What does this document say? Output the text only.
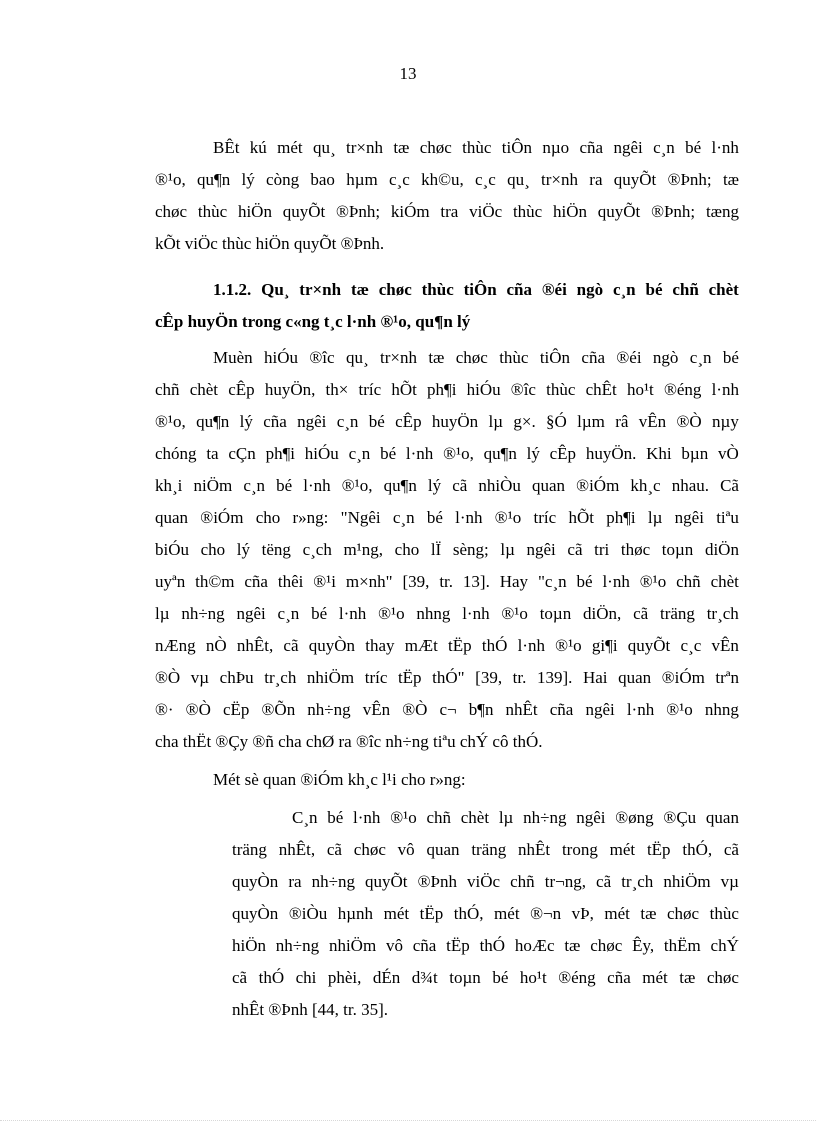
13
BÊt kú mét qu¸ tr×nh tæ chøc thùc tiÔn nµo cña ngêi c¸n bé l·nh
®¹o, qu¶n lý còng bao hµm c¸c kh©u, c¸c qu¸ tr×nh ra quyÕt ®Þnh; tæ
chøc thùc hiÖn quyÕt ®Þnh; kiÓm tra viÖc thùc hiÖn quyÕt ®Þnh; tæng
kÕt viÖc thùc hiÖn quyÕt ®Þnh.
1.1.2. Qu¸ tr×nh tæ chøc thùc tiÔn cña ®éi ngò c¸n bé chñ chèt
cÊp huyÖn trong c«ng t¸c l·nh ®¹o, qu¶n lý
Muèn hiÓu ®îc qu¸ tr×nh tæ chøc thùc tiÔn cña ®éi ngò c¸n bé
chñ chèt cÊp huyÖn, th× tríc hÕt ph¶i hiÓu ®îc thùc chÊt ho¹t ®éng l·nh
®¹o, qu¶n lý cña ngêi c¸n bé cÊp huyÖn lµ g×. §Ó lµm râ vÊn ®Ò nµy
chóng ta cÇn ph¶i hiÓu c¸n bé l·nh ®¹o, qu¶n lý cÊp huyÖn. Khi bµn vÒ
kh¸i niÖm c¸n bé l·nh ®¹o, qu¶n lý cã nhiÒu quan ®iÓm kh¸c nhau. Cã
quan ®iÓm cho r»ng: "Ngêi c¸n bé l·nh ®¹o tríc hÕt ph¶i lµ ngêi tiªu
biÓu cho lý tëng c¸ch m¹ng, cho lÏ sèng; lµ ngêi cã tri thøc toµn diÖn
uyªn th©m cña thêi ®¹i m×nh" [39, tr. 13]. Hay "c¸n bé l·nh ®¹o chñ chèt
lµ nh÷ng ngêi c¸n bé l·nh ®¹o nhng l·nh ®¹o toµn diÖn, cã träng tr¸ch
nÆng nÒ nhÊt, cã quyÒn thay mÆt tËp thÓ l·nh ®¹o gi¶i quyÕt c¸c vÊn
®Ò vµ chÞu tr¸ch nhiÖm tríc tËp thÓ" [39, tr. 139]. Hai quan ®iÓm trªn
®· ®Ò cËp ®Õn nh÷ng vÊn ®Ò c¬ b¶n nhÊt cña ngêi l·nh ®¹o nhng
cha thËt ®Çy ®ñ cha chØ ra ®îc nh÷ng tiªu chÝ cô thÓ.
Mét sè quan ®iÓm kh¸c l¹i cho r»ng:
C¸n bé l·nh ®¹o chñ chèt lµ nh÷ng ngêi ®øng ®Çu quan
träng nhÊt, cã chøc vô quan träng nhÊt trong mét tËp thÓ, cã
quyÒn ra nh÷ng quyÕt ®Þnh viÖc chñ tr¬ng, cã tr¸ch nhiÖm vµ
quyÒn ®iÒu hµnh mét tËp thÓ, mét ®¬n vÞ, mét tæ chøc thùc
hiÖn nh÷ng nhiÖm vô cña tËp thÓ hoÆc tæ chøc Êy, thËm chÝ
cã thÓ chi phèi, dÉn d¾t toµn bé ho¹t ®éng cña mét tæ chøc
nhÊt ®Þnh [44, tr. 35].
